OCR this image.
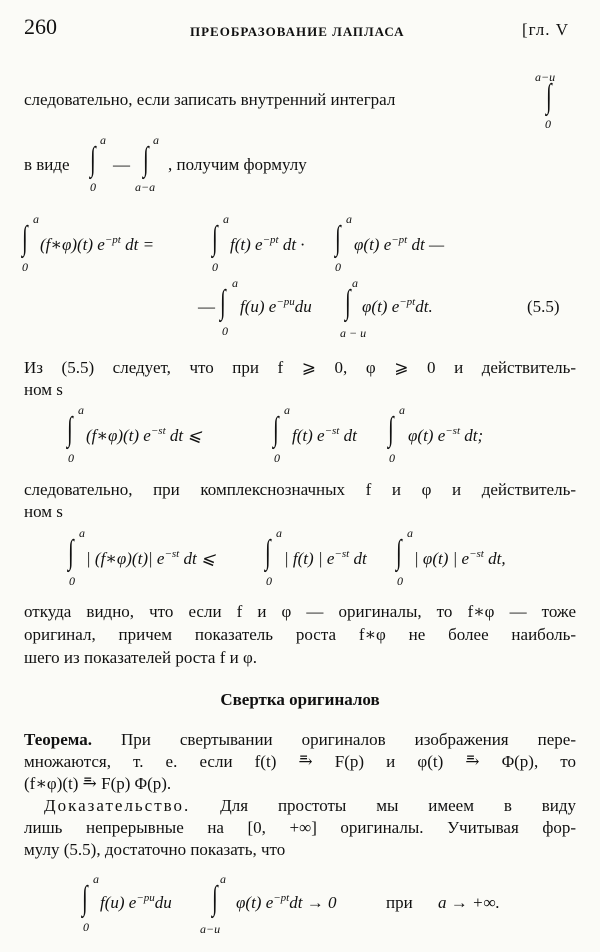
260	ПРЕОБРАЗОВАНИЕ ЛАПЛАСА	[гл. V
следовательно, если записать внутренний интеграл
a−u
∫
0
в виде
a
∫
0
—
a
∫
a−a
, получим формулу
a
∫
0
(f∗φ)(t) $e^{-pt}$ dt =
a
∫
0
f(t) $e^{-pt}$ dt ·
a
∫
0
φ(t) $e^{-pt}$ dt —
—
a
∫
0
f(u) $e^{-pu}du$
a
∫
a − u
φ(t) $e^{-pt}dt$.	(5.5)
Из (5.5) следует, что при f ⩾ 0, φ ⩾ 0 и действитель-
ном s
a
∫
0
(f∗φ)(t) $e^{-st}$ dt ⩽
a
∫
0
f(t) $e^{-st}$ dt
a
∫
0
φ(t) $e^{-st}$ dt;
следовательно, при комплекснозначных f и φ и действитель-
ном s
a
∫
0
| (f∗φ)(t)| $e^{-st}$ dt ⩽
a
∫
0
| f(t) | $e^{-st}$ dt
a
∫
0
| φ(t) | $e^{-st}$ dt,
откуда видно, что если f и φ — оригиналы, то f∗φ — тоже
оригинал, причем показатель роста f∗φ не более наиболь-
шего из показателей роста f и φ.
Свертка оригиналов
Теорема. При свертывании оригиналов изображения пере-
множаются, т. е. если f(t) ⥱ F(p) и φ(t) ⥱ Φ(p), то
(f∗φ)(t) ⥱ F(p) Φ(p).
Доказательство. Для простоты мы имеем в виду
лишь непрерывные на [0, +∞] оригиналы. Учитывая фор-
мулу (5.5), достаточно показать, что
a
∫
0
f(u) $e^{-pu}du$
a
∫
a−u
φ(t) $e^{-pt}dt \to 0$	при a → +∞.
